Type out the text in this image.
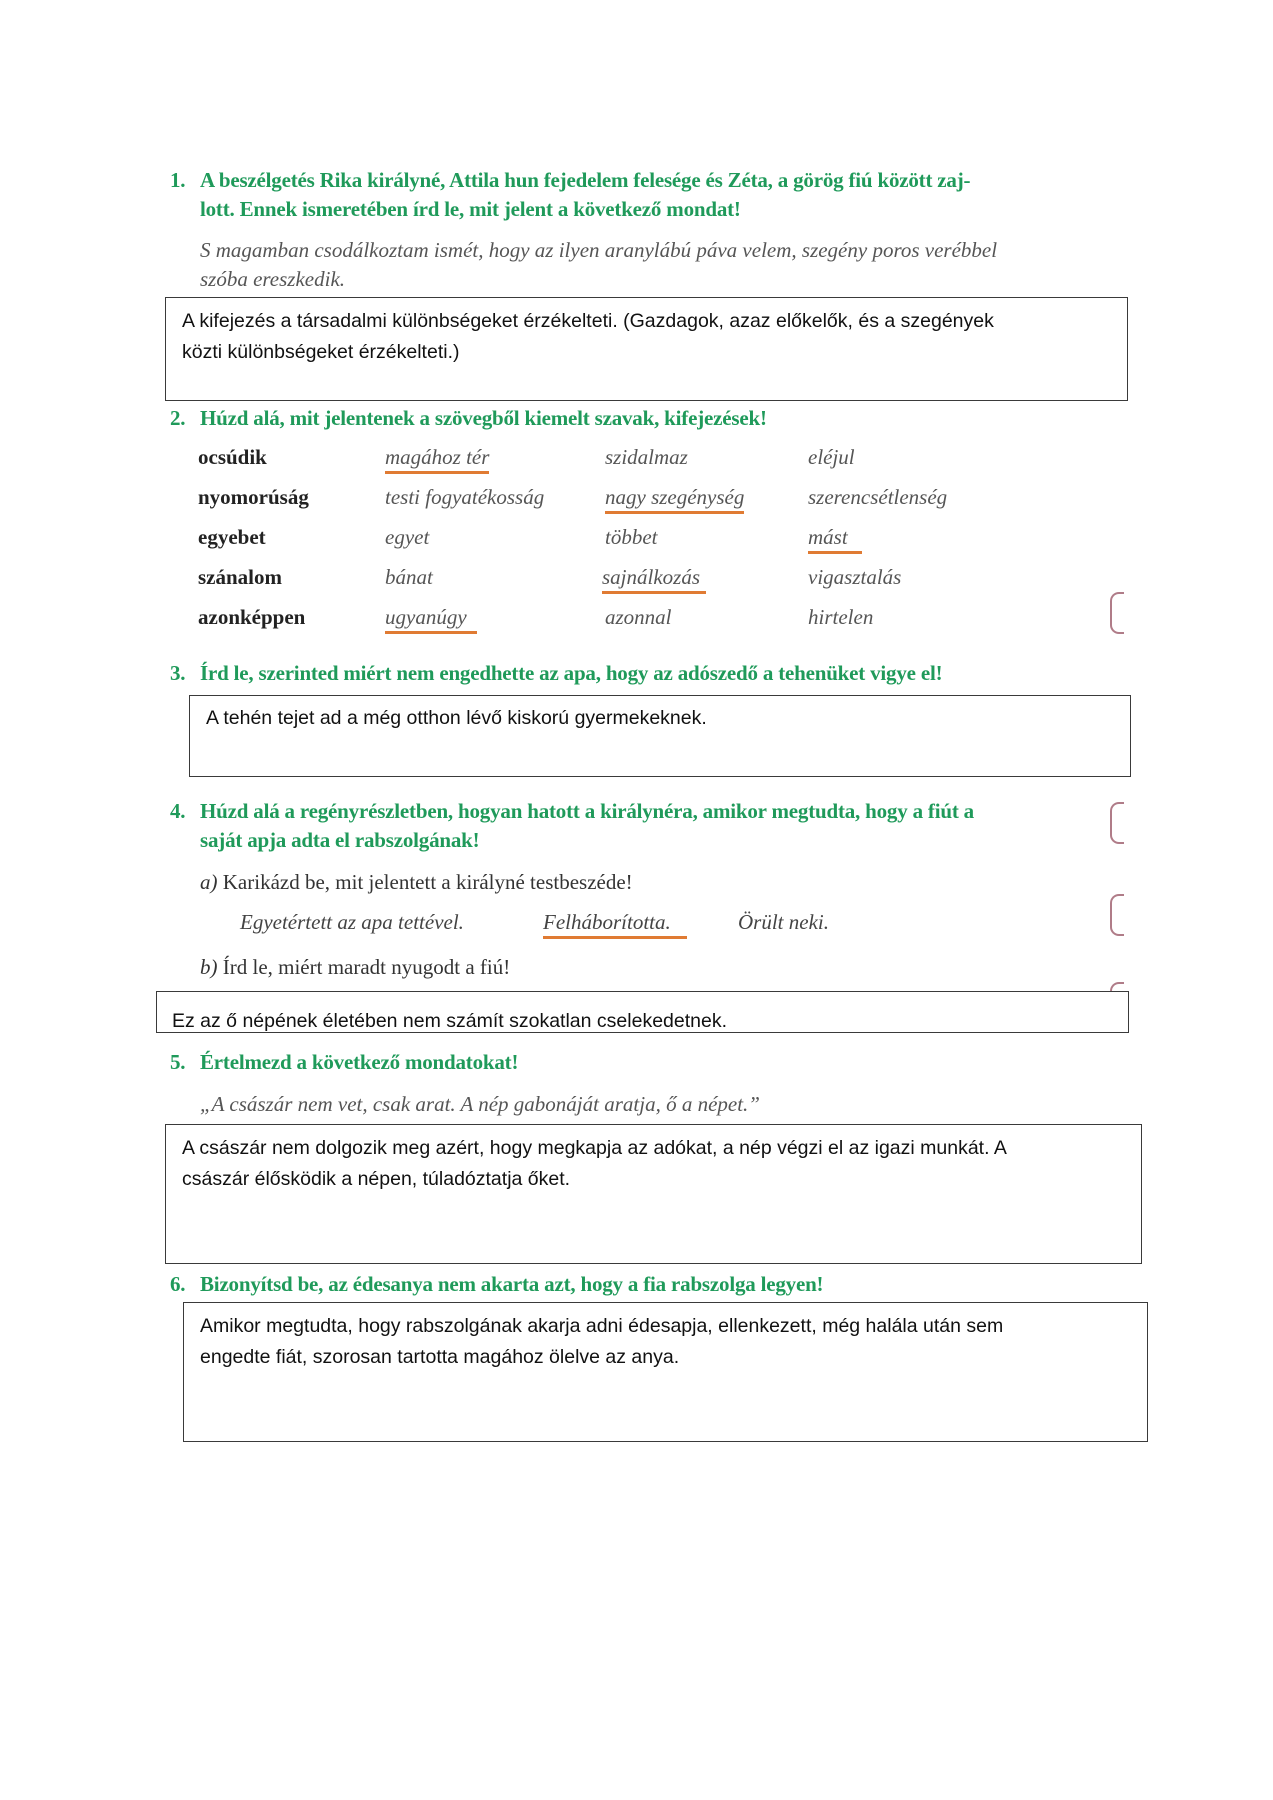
1. A beszélgetés Rika királyné, Attila hun fejedelem felesége és Zéta, a görög fiú között zaj-
lott. Ennek ismeretében írd le, mit jelent a következő mondat!
S magamban csodálkoztam ismét, hogy az ilyen aranylábú páva velem, szegény poros verébbel
szóba ereszkedik.
A kifejezés a társadalmi különbségeket érzékelteti. (Gazdagok, azaz előkelők, és a szegények
közti különbségeket érzékelteti.)
2. Húzd alá, mit jelentenek a szövegből kiemelt szavak, kifejezések!
ocsúdik	magához tér	szidalmaz	eléjul
nyomorúság	testi fogyatékosság	nagy szegénység	szerencsétlenség
egyebet	egyet	többet	mást
szánalom	bánat	sajnálkozás	vigasztalás
azonképpen	ugyanúgy	azonnal	hirtelen
3. Írd le, szerinted miért nem engedhette az apa, hogy az adószedő a tehenüket vigye el!
A tehén tejet ad a még otthon lévő kiskorú gyermekeknek.
4. Húzd alá a regényrészletben, hogyan hatott a királynéra, amikor megtudta, hogy a fiút a
saját apja adta el rabszolgának!
a) Karikázd be, mit jelentett a királyné testbeszéde!
Egyetértett az apa tettével.	Felháborította.	Örült neki.
b) Írd le, miért maradt nyugodt a fiú!
Ez az ő népének életében nem számít szokatlan cselekedetnek.
5. Értelmezd a következő mondatokat!
„A császár nem vet, csak arat. A nép gabonáját aratja, ő a népet.”
A császár nem dolgozik meg azért, hogy megkapja az adókat, a nép végzi el az igazi munkát. A
császár élősködik a népen, túladóztatja őket.
6. Bizonyítsd be, az édesanya nem akarta azt, hogy a fia rabszolga legyen!
Amikor megtudta, hogy rabszolgának akarja adni édesapja, ellenkezett, még halála után sem
engedte fiát, szorosan tartotta magához ölelve az anya.
